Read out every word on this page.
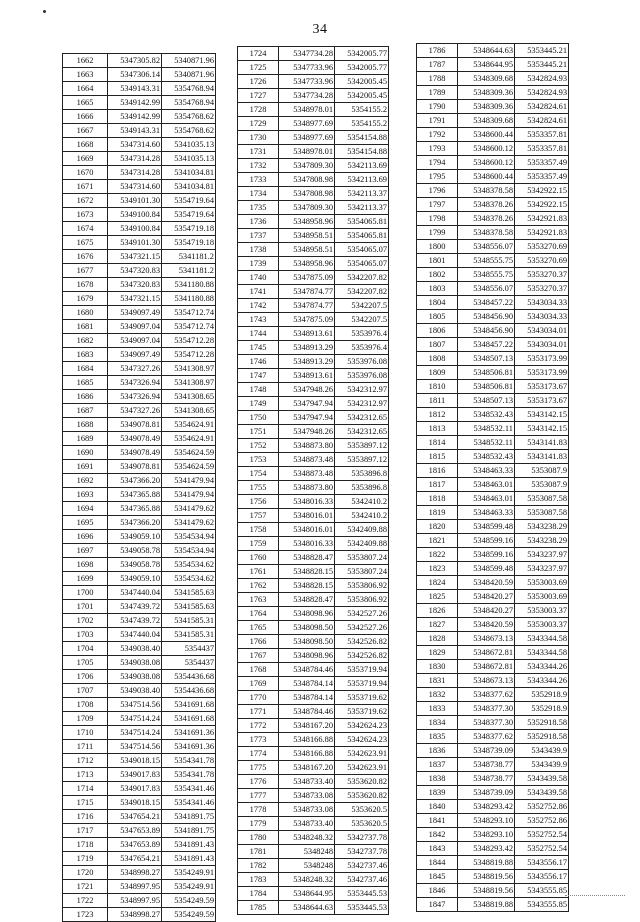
34
1662	5347305.82	5340871.96
1663	5347306.14	5340871.96
1664	5349143.31	5354768.94
1665	5349142.99	5354768.94
1666	5349142.99	5354768.62
1667	5349143.31	5354768.62
1668	5347314.60	5341035.13
1669	5347314.28	5341035.13
1670	5347314.28	5341034.81
1671	5347314.60	5341034.81
1672	5349101.30	5354719.64
1673	5349100.84	5354719.64
1674	5349100.84	5354719.18
1675	5349101.30	5354719.18
1676	5347321.15	5341181.2
1677	5347320.83	5341181.2
1678	5347320.83	5341180.88
1679	5347321.15	5341180.88
1680	5349097.49	5354712.74
1681	5349097.04	5354712.74
1682	5349097.04	5354712.28
1683	5349097.49	5354712.28
1684	5347327.26	5341308.97
1685	5347326.94	5341308.97
1686	5347326.94	5341308.65
1687	5347327.26	5341308.65
1688	5349078.81	5354624.91
1689	5349078.49	5354624.91
1690	5349078.49	5354624.59
1691	5349078.81	5354624.59
1692	5347366.20	5341479.94
1693	5347365.88	5341479.94
1694	5347365.88	5341479.62
1695	5347366.20	5341479.62
1696	5349059.10	5354534.94
1697	5349058.78	5354534.94
1698	5349058.78	5354534.62
1699	5349059.10	5354534.62
1700	5347440.04	5341585.63
1701	5347439.72	5341585.63
1702	5347439.72	5341585.31
1703	5347440.04	5341585.31
1704	5349038.40	5354437
1705	5349038.08	5354437
1706	5349038.08	5354436.68
1707	5349038.40	5354436.68
1708	5347514.56	5341691.68
1709	5347514.24	5341691.68
1710	5347514.24	5341691.36
1711	5347514.56	5341691.36
1712	5349018.15	5354341.78
1713	5349017.83	5354341.78
1714	5349017.83	5354341.46
1715	5349018.15	5354341.46
1716	5347654.21	5341891.75
1717	5347653.89	5341891.75
1718	5347653.89	5341891.43
1719	5347654.21	5341891.43
1720	5348998.27	5354249.91
1721	5348997.95	5354249.91
1722	5348997.95	5354249.59
1723	5348998.27	5354249.59
1724	5347734.28	5342005.77
1725	5347733.96	5342005.77
1726	5347733.96	5342005.45
1727	5347734.28	5342005.45
1728	5348978.01	5354155.2
1729	5348977.69	5354155.2
1730	5348977.69	5354154.88
1731	5348978.01	5354154.88
1732	5347809.30	5342113.69
1733	5347808.98	5342113.69
1734	5347808.98	5342113.37
1735	5347809.30	5342113.37
1736	5348958.96	5354065.81
1737	5348958.51	5354065.81
1738	5348958.51	5354065.07
1739	5348958.96	5354065.07
1740	5347875.09	5342207.82
1741	5347874.77	5342207.82
1742	5347874.77	5342207.5
1743	5347875.09	5342207.5
1744	5348913.61	5353976.4
1745	5348913.29	5353976.4
1746	5348913.29	5353976.08
1747	5348913.61	5353976.08
1748	5347948.26	5342312.97
1749	5347947.94	5342312.97
1750	5347947.94	5342312.65
1751	5347948.26	5342312.65
1752	5348873.80	5353897.12
1753	5348873.48	5353897.12
1754	5348873.48	5353896.8
1755	5348873.80	5353896.8
1756	5348016.33	5342410.2
1757	5348016.01	5342410.2
1758	5348016.01	5342409.88
1759	5348016.33	5342409.88
1760	5348828.47	5353807.24
1761	5348828.15	5353807.24
1762	5348828.15	5353806.92
1763	5348828.47	5353806.92
1764	5348098.96	5342527.26
1765	5348098.50	5342527.26
1766	5348098.50	5342526.82
1767	5348098.96	5342526.82
1768	5348784.46	5353719.94
1769	5348784.14	5353719.94
1770	5348784.14	5353719.62
1771	5348784.46	5353719.62
1772	5348167.20	5342624.23
1773	5348166.88	5342624.23
1774	5348166.88	5342623.91
1775	5348167.20	5342623.91
1776	5348733.40	5353620.82
1777	5348733.08	5353620.82
1778	5348733.08	5353620.5
1779	5348733.40	5353620.5
1780	5348248.32	5342737.78
1781	5348248	5342737.78
1782	5348248	5342737.46
1783	5348248.32	5342737.46
1784	5348644.95	5353445.53
1785	5348644.63	5353445.53
1786	5348644.63	5353445.21
1787	5348644.95	5353445.21
1788	5348309.68	5342824.93
1789	5348309.36	5342824.93
1790	5348309.36	5342824.61
1791	5348309.68	5342824.61
1792	5348600.44	5353357.81
1793	5348600.12	5353357.81
1794	5348600.12	5353357.49
1795	5348600.44	5353357.49
1796	5348378.58	5342922.15
1797	5348378.26	5342922.15
1798	5348378.26	5342921.83
1799	5348378.58	5342921.83
1800	5348556.07	5353270.69
1801	5348555.75	5353270.69
1802	5348555.75	5353270.37
1803	5348556.07	5353270.37
1804	5348457.22	5343034.33
1805	5348456.90	5343034.33
1806	5348456.90	5343034.01
1807	5348457.22	5343034.01
1808	5348507.13	5353173.99
1809	5348506.81	5353173.99
1810	5348506.81	5353173.67
1811	5348507.13	5353173.67
1812	5348532.43	5343142.15
1813	5348532.11	5343142.15
1814	5348532.11	5343141.83
1815	5348532.43	5343141.83
1816	5348463.33	5353087.9
1817	5348463.01	5353087.9
1818	5348463.01	5353087.58
1819	5348463.33	5353087.58
1820	5348599.48	5343238.29
1821	5348599.16	5343238.29
1822	5348599.16	5343237.97
1823	5348599.48	5343237.97
1824	5348420.59	5353003.69
1825	5348420.27	5353003.69
1826	5348420.27	5353003.37
1827	5348420.59	5353003.37
1828	5348673.13	5343344.58
1829	5348672.81	5343344.58
1830	5348672.81	5343344.26
1831	5348673.13	5343344.26
1832	5348377.62	5352918.9
1833	5348377.30	5352918.9
1834	5348377.30	5352918.58
1835	5348377.62	5352918.58
1836	5348739.09	5343439.9
1837	5348738.77	5343439.9
1838	5348738.77	5343439.58
1839	5348739.09	5343439.58
1840	5348293.42	5352752.86
1841	5348293.10	5352752.86
1842	5348293.10	5352752.54
1843	5348293.42	5352752.54
1844	5348819.88	5343556.17
1845	5348819.56	5343556.17
1846	5348819.56	5343555.85
1847	5348819.88	5343555.85
